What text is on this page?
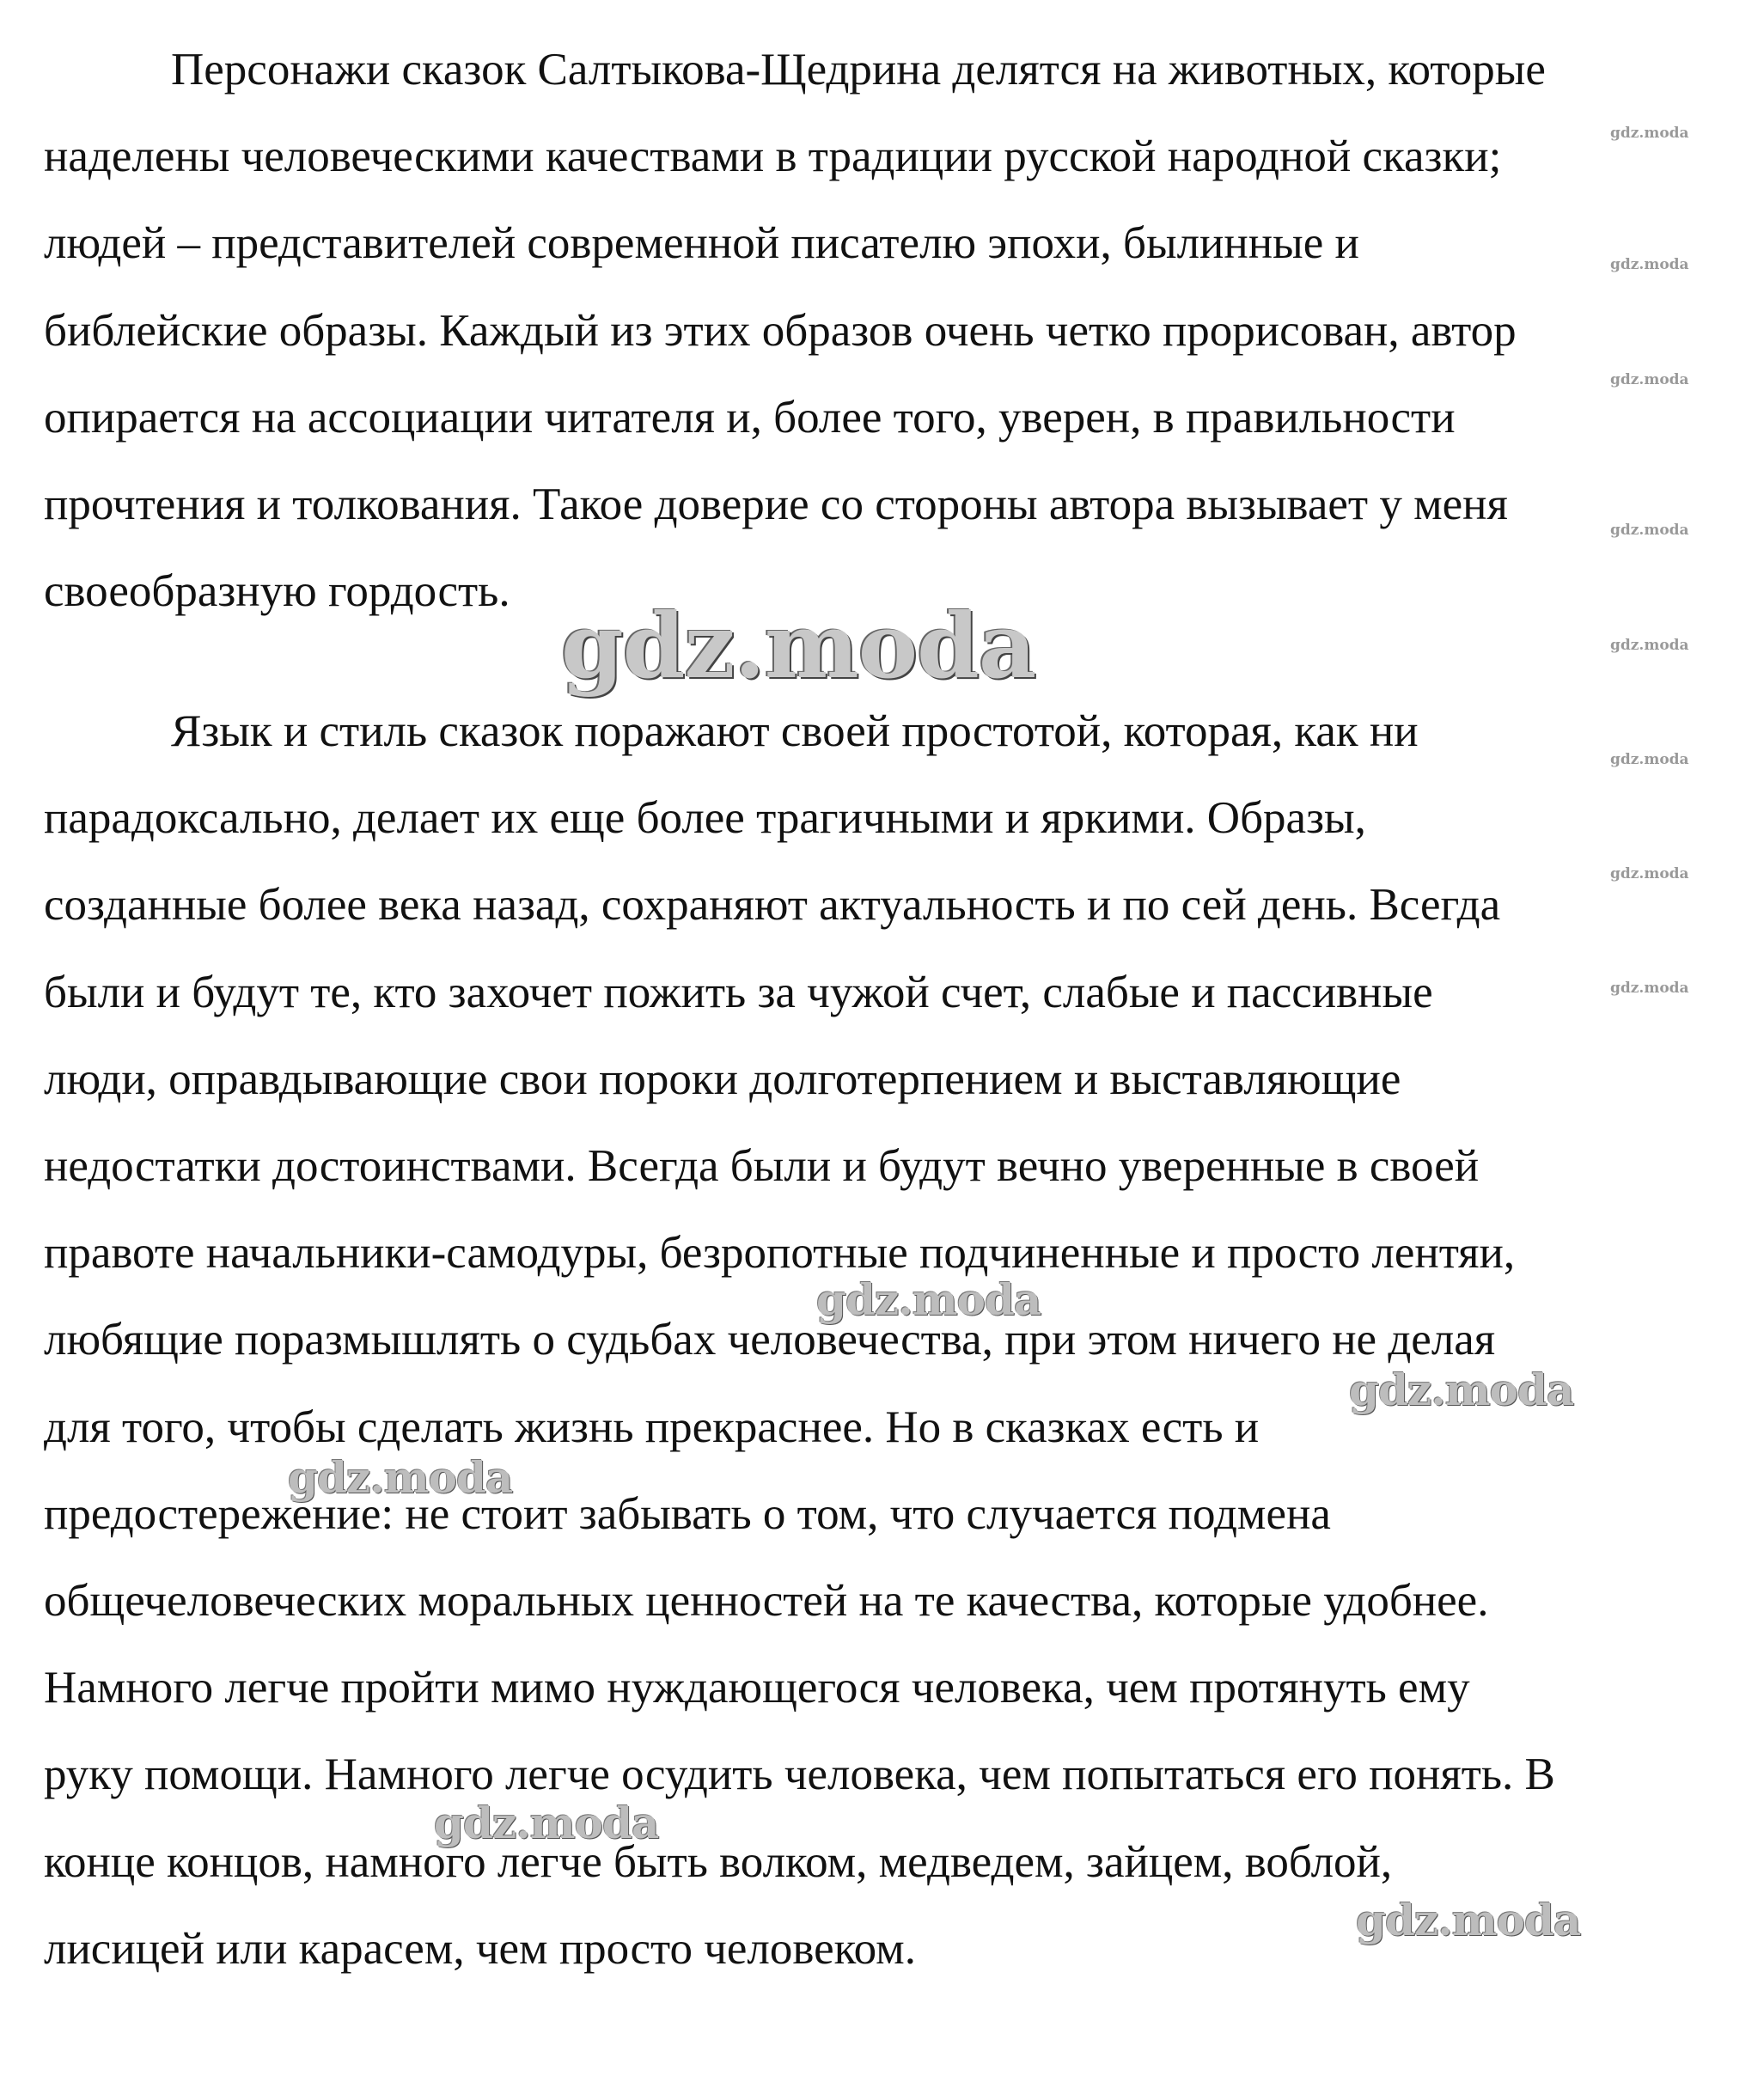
Персонажи сказок Салтыкова-Щедрина делятся на животных, которые
наделены человеческими качествами в традиции русской народной сказки;
людей – представителей современной писателю эпохи, былинные и
библейские образы. Каждый из этих образов очень четко прорисован, автор
опирается на ассоциации читателя и, более того, уверен, в правильности
прочтения и толкования. Такое доверие со стороны автора вызывает у меня
своеобразную гордость.
Язык и стиль сказок поражают своей простотой, которая, как ни
парадоксально, делает их еще более трагичными и яркими. Образы,
созданные более века назад, сохраняют актуальность и по сей день. Всегда
были и будут те, кто захочет пожить за чужой счет, слабые и пассивные
люди, оправдывающие свои пороки долготерпением и выставляющие
недостатки достоинствами. Всегда были и будут вечно уверенные в своей
правоте начальники-самодуры, безропотные подчиненные и просто лентяи,
любящие поразмышлять о судьбах человечества, при этом ничего не делая
для того, чтобы сделать жизнь прекраснее. Но в сказках есть и
предостережение: не стоит забывать о том, что случается подмена
общечеловеческих моральных ценностей на те качества, которые удобнее.
Намного легче пройти мимо нуждающегося человека, чем протянуть ему
руку помощи. Намного легче осудить человека, чем попытаться его понять. В
конце концов, намного легче быть волком, медведем, зайцем, воблой,
лисицей или карасем, чем просто человеком.
gdz.moda
gdz.moda
gdz.moda
gdz.moda
gdz.moda
gdz.moda
gdz.moda
gdz.moda
gdz.moda
gdz.moda
gdz.moda
gdz.moda
gdz.moda
gdz.moda
